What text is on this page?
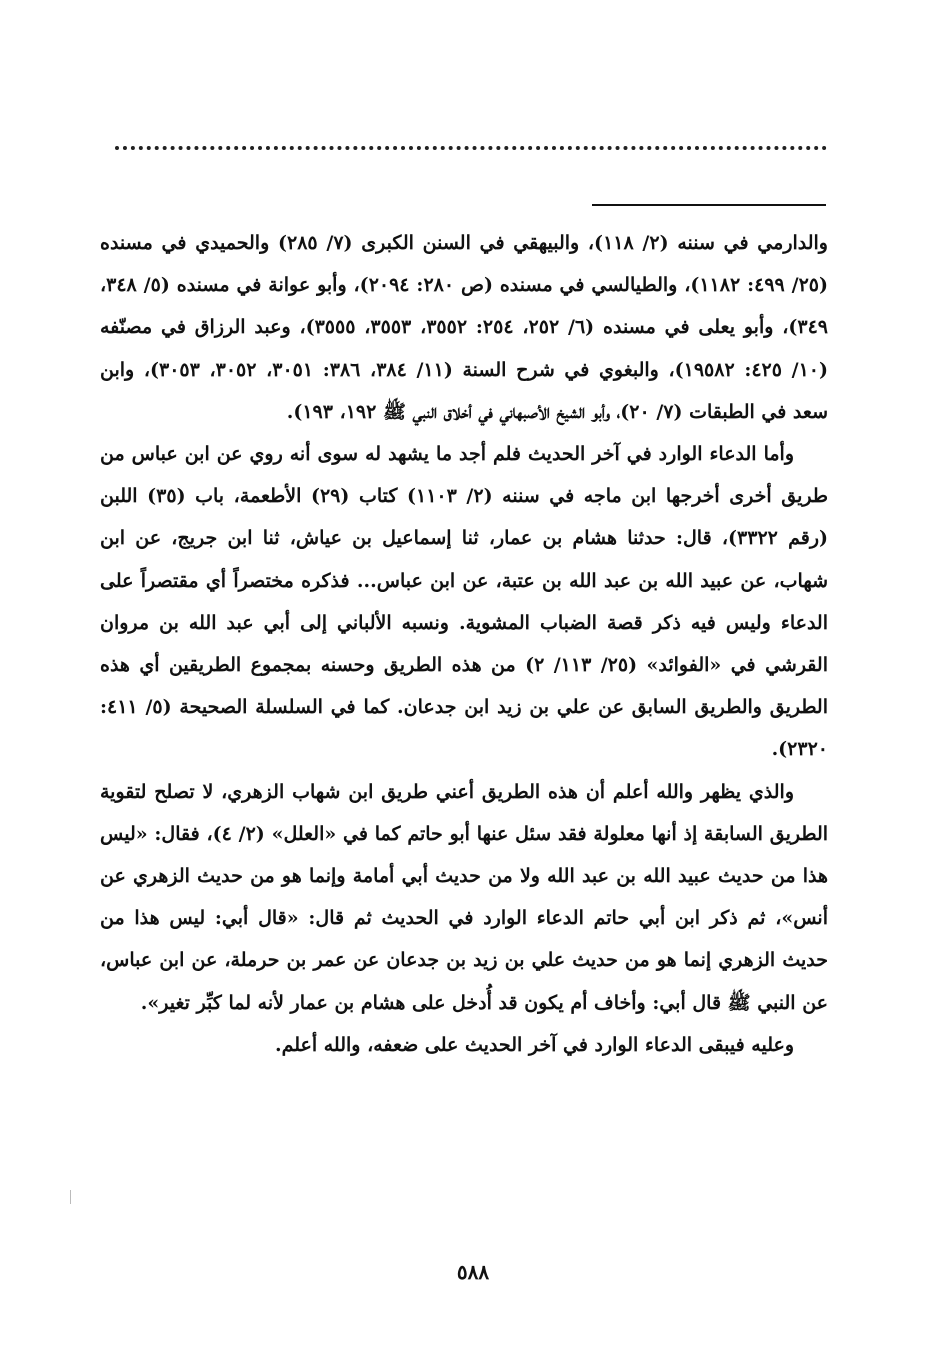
والدارمي في سننه (٢/ ١١٨)، والبيهقي في السنن الكبرى (٧/ ٢٨٥) والحميدي في مسنده (٢٥/ ٤٩٩: ١١٨٢)، والطيالسي في مسنده (ص ٢٨٠: ٢٠٩٤)، وأبو عوانة في مسنده (٥/ ٣٤٨، ٣٤٩)، وأبو يعلى في مسنده (٦/ ٢٥٢، ٢٥٤: ٣٥٥٢، ٣٥٥٣، ٣٥٥٥)، وعبد الرزاق في مصنّفه (١٠/ ٤٢٥: ١٩٥٨٢)، والبغوي في شرح السنة (١١/ ٣٨٤، ٣٨٦: ٣٠٥١، ٣٠٥٢، ٣٠٥٣)، وابن سعد في الطبقات (٧/ ٢٠)، وأبو الشيخ الأصبهاني في أخلاق النبي ﷺ ١٩٢، ١٩٣).

وأما الدعاء الوارد في آخر الحديث فلم أجد ما يشهد له سوى أنه روي عن ابن عباس من طريق أخرى أخرجها ابن ماجه في سننه (٢/ ١١٠٣) كتاب (٢٩) الأطعمة، باب (٣٥) اللبن (رقم ٣٣٢٢)، قال: حدثنا هشام بن عمار، ثنا إسماعيل بن عياش، ثنا ابن جريج، عن ابن شهاب، عن عبيد الله بن عبد الله بن عتبة، عن ابن عباس... فذكره مختصراً أي مقتصراً على الدعاء وليس فيه ذكر قصة الضباب المشوية. ونسبه الألباني إلى أبي عبد الله بن مروان القرشي في «الفوائد» (٢٥/ ١١٣/ ٢) من هذه الطريق وحسنه بمجموع الطريقين أي هذه الطريق والطريق السابق عن علي بن زيد ابن جدعان. كما في السلسلة الصحيحة (٥/ ٤١١: ٢٣٢٠).

والذي يظهر والله أعلم أن هذه الطريق أعني طريق ابن شهاب الزهري، لا تصلح لتقوية الطريق السابقة إذ أنها معلولة فقد سئل عنها أبو حاتم كما في «العلل» (٢/ ٤)، فقال: «ليس هذا من حديث عبيد الله بن عبد الله ولا من حديث أبي أمامة وإنما هو من حديث الزهري عن أنس»، ثم ذكر ابن أبي حاتم الدعاء الوارد في الحديث ثم قال: «قال أبي: ليس هذا من حديث الزهري إنما هو من حديث علي بن زيد بن جدعان عن عمر بن حرملة، عن ابن عباس، عن النبي ﷺ قال أبي: وأخاف أم يكون قد أُدخل على هشام بن عمار لأنه لما كبِّر تغير».

وعليه فيبقى الدعاء الوارد في آخر الحديث على ضعفه، والله أعلم.

٥٨٨
